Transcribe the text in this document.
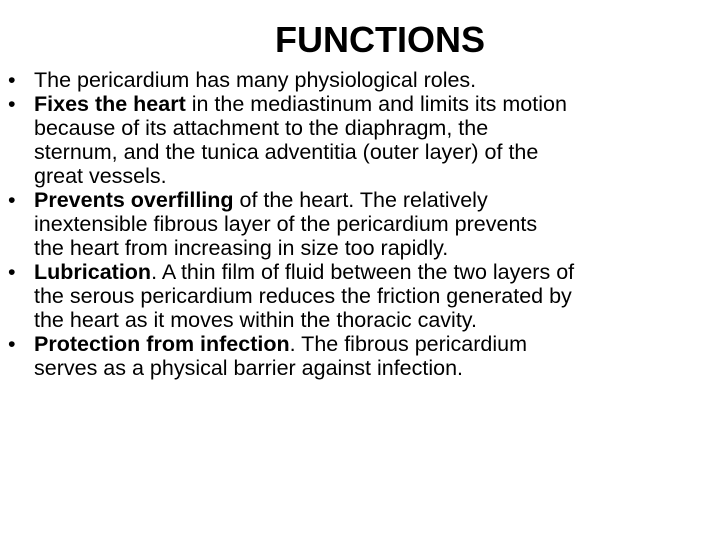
FUNCTIONS
• The pericardium has many physiological roles.
• Fixes the heart in the mediastinum and limits its motion
because of its attachment to the diaphragm, the
sternum, and the tunica adventitia (outer layer) of the
great vessels.
• Prevents overfilling of the heart. The relatively
inextensible fibrous layer of the pericardium prevents
the heart from increasing in size too rapidly.
• Lubrication. A thin film of fluid between the two layers of
the serous pericardium reduces the friction generated by
the heart as it moves within the thoracic cavity.
• Protection from infection. The fibrous pericardium
serves as a physical barrier against infection.
